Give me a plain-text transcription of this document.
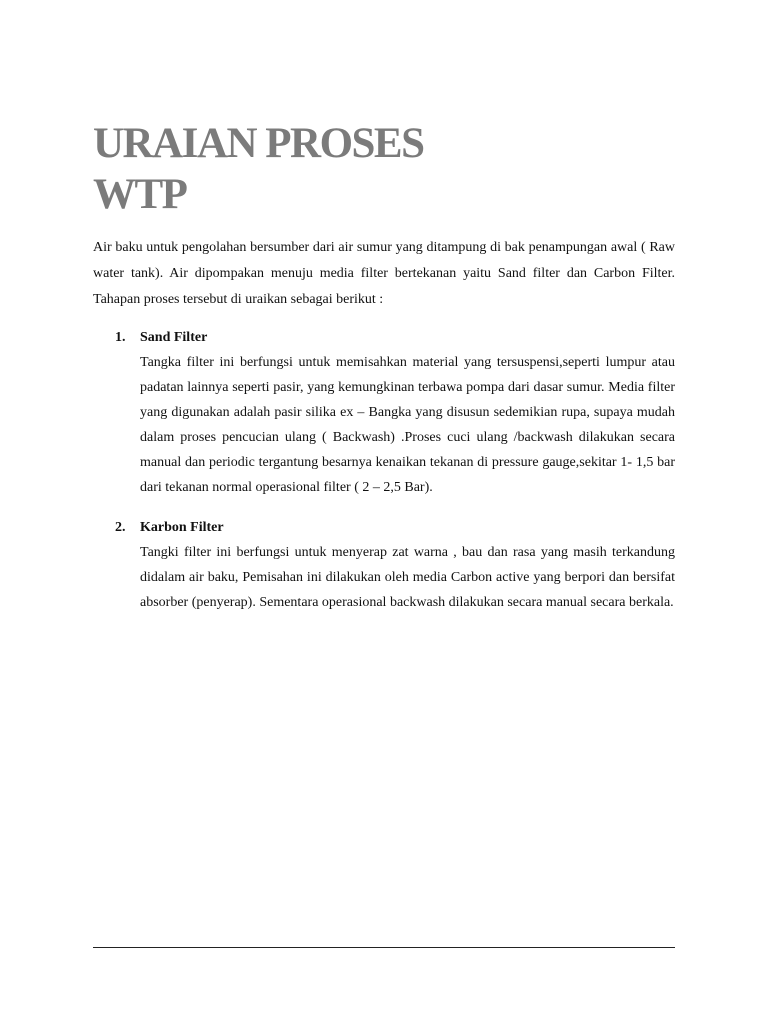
URAIAN PROSES
WTP

Air baku untuk pengolahan bersumber dari air sumur yang ditampung di bak penampungan awal ( Raw water tank). Air dipompakan menuju media filter bertekanan yaitu Sand filter dan Carbon Filter. Tahapan proses tersebut di uraikan sebagai berikut :

1. Sand Filter

Tangka filter ini berfungsi untuk memisahkan material yang tersuspensi,seperti lumpur atau padatan lainnya seperti pasir, yang kemungkinan terbawa pompa dari dasar sumur. Media filter yang digunakan adalah pasir silika ex – Bangka yang disusun sedemikian rupa, supaya mudah dalam proses pencucian ulang ( Backwash) .Proses cuci ulang /backwash dilakukan secara manual dan periodic tergantung besarnya kenaikan tekanan di pressure gauge,sekitar 1- 1,5 bar dari tekanan normal operasional filter ( 2 – 2,5 Bar).

2. Karbon Filter

Tangki filter ini berfungsi untuk menyerap zat warna , bau dan rasa yang masih terkandung didalam air baku, Pemisahan ini dilakukan oleh media Carbon active yang berpori dan bersifat absorber (penyerap). Sementara operasional backwash dilakukan secara manual secara berkala.
